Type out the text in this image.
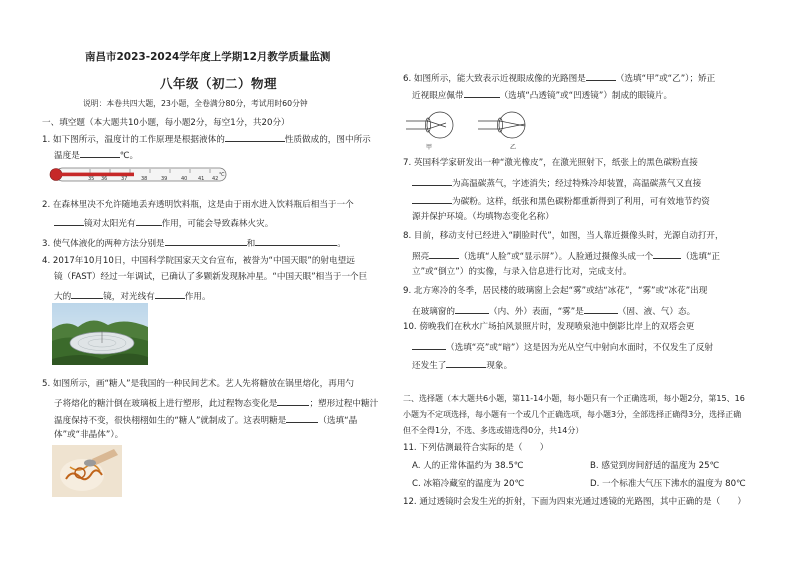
南昌市2023-2024学年度上学期12月教学质量监测
八年级（初二）物理
说明：本卷共四大题，23小题，全卷满分80分，考试用时60分钟
一、填空题（本大题共10小题，每小题2分，每空1分，共20分）
1. 如下图所示，温度计的工作原理是根据液体的	性质做成的，图中所示
温度是	℃。
35 36	37	38	39	40 41 42
℃
2. 在森林里决不允许随地丢弃透明饮料瓶，这是由于雨水进入饮料瓶后相当于一个
镜对太阳光有	作用，可能会导致森林火灾。
3. 使气体液化的两种方法分别是	和	。
4. 2017年10月10日，中国科学院国家天文台宣布，被誉为“中国天眼”的射电望远
镜（FAST）经过一年调试，已确认了多颗新发现脉冲星。“中国天眼”相当于一个巨
大的	镜，对光线有	作用。
5. 如图所示，画“糖人”是我国的一种民间艺术。艺人先将糖放在锅里熔化，再用勺
子将熔化的糖汁倒在玻璃板上进行塑形，此过程物态变化是	；塑形过程中糖汁
温度保持不变，很快栩栩如生的“糖人”就制成了。这表明糖是	（选填“晶
体”或“非晶体”）。
6. 如图所示，能大致表示近视眼成像的光路图是	（选填“甲”或“乙”）；矫正
近视眼应佩带	（选填“凸透镜”或“凹透镜”）制成的眼镜片。
甲	乙
7. 英国科学家研发出一种“激光橡皮”，在激光照射下，纸张上的黑色碳粉直接
为高温碳蒸气，字迹消失；经过特殊冷却装置，高温碳蒸气又直接
为碳粉。这样，纸张和黑色碳粉都重新得到了利用，可有效地节约资
源并保护环境。（均填物态变化名称）
8. 目前，移动支付已经进入“刷脸时代”，如图，当人靠近摄像头时，光源自动打开，
照亮	（选填“人脸”或“显示屏”）。人脸通过摄像头成一个	（选填“正
立”或“倒立”）的实像，与录入信息进行比对，完成支付。
9. 北方寒冷的冬季，居民楼的玻璃窗上会起“雾”或结“冰花”，“雾”或“冰花”出现
在玻璃窗的	（内、外）表面，“雾”是	（固、液、气）态。
10. 傍晚我们在秋水广场拍风景照片时，发现喷泉池中倒影比岸上的双塔会更
（选填“亮”或“暗”）这是因为光从空气中射向水面时，不仅发生了反射
还发生了	现象。
二、选择题（本大题共6小题，第11-14小题，每小题只有一个正确选项，每小题2分，第15、16
小题为不定项选择，每小题有一个或几个正确选项，每小题3分，全部选择正确得3分，选择正确
但不全得1分，不选、多选或错选得0分，共14分）
11. 下列估测最符合实际的是（　　）
A. 人的正常体温约为 38.5℃	B. 感觉到房间舒适的温度为 25℃
C. 冰箱冷藏室的温度为 20℃	D. 一个标准大气压下沸水的温度为 80℃
12. 通过透镜时会发生光的折射，下面为四束光通过透镜的光路图，其中正确的是（　　）
